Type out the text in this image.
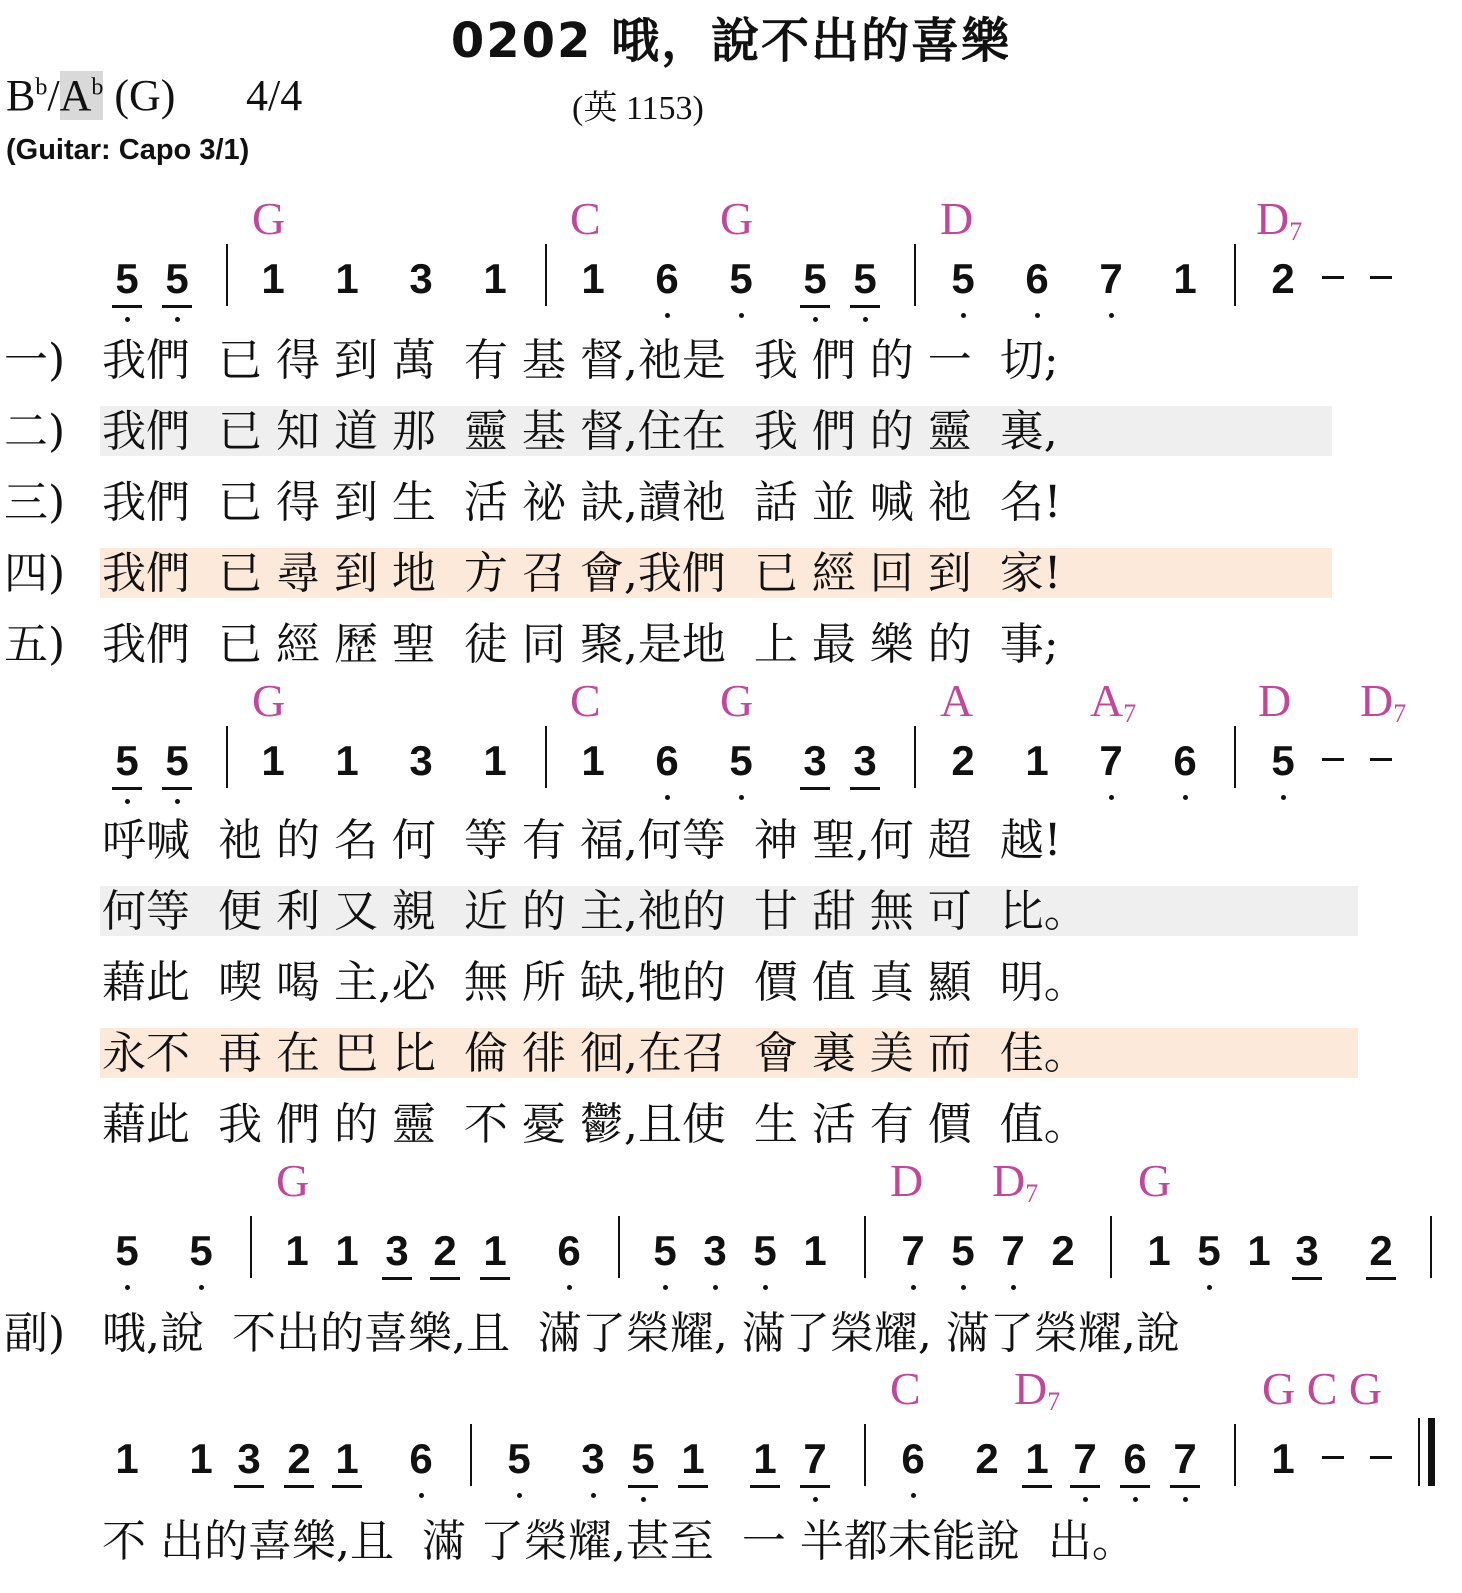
0202 哦，說不出的喜樂
$B^b/A^b$ (G) 4/4	(英 1153)
(Guitar: Capo 3/1)
G	C	G	D	$D_7$
5 5 1 1 3 1 1 6 5 5 5 5 6 7 1 2
一) 我們  已 得 到 萬  有 基 督,祂是  我 們 的 一  切;
二) 我們  已 知 道 那  靈 基 督,住在  我 們 的 靈  裏,
三) 我們  已 得 到 生  活 祕 訣,讀祂  話 並 喊 祂  名!
四) 我們  已 尋 到 地  方 召 會,我們  已 經 回 到  家!
五) 我們  已 經 歷 聖  徒 同 聚,是地  上 最 樂 的  事;
G	C	G	A	$A_7$	D $D_7$
5 5 1 1 3 1 1 6 5 3 3 2 1 7 6 5
呼喊  祂 的 名 何  等 有 福,何等  神 聖,何 超  越!
何等  便 利 又 親  近 的 主,祂的  甘 甜 無 可  比。
藉此  喫 喝 主,必  無 所 缺,牠的  價 值 真 顯  明。
永不  再 在 巴 比  倫 徘 徊,在召  會 裏 美 而  佳。
藉此  我 們 的 靈  不 憂 鬱,且使  生 活 有 價  值。
G	D $D_7$ G
5 5 1 1 3 2 1 6 5 3 5 1 7 5 7 2 1 5 1 3 2
副) 哦,說  不出的喜樂,且  滿了榮耀, 滿了榮耀, 滿了榮耀,說
C $D_7$	G C G
1 1 3 2 1 6 5 3 5 1 1 7 6 2 1 7 6 7 1
不 出的喜樂,且  滿 了榮耀,甚至  一 半都未能說  出。
